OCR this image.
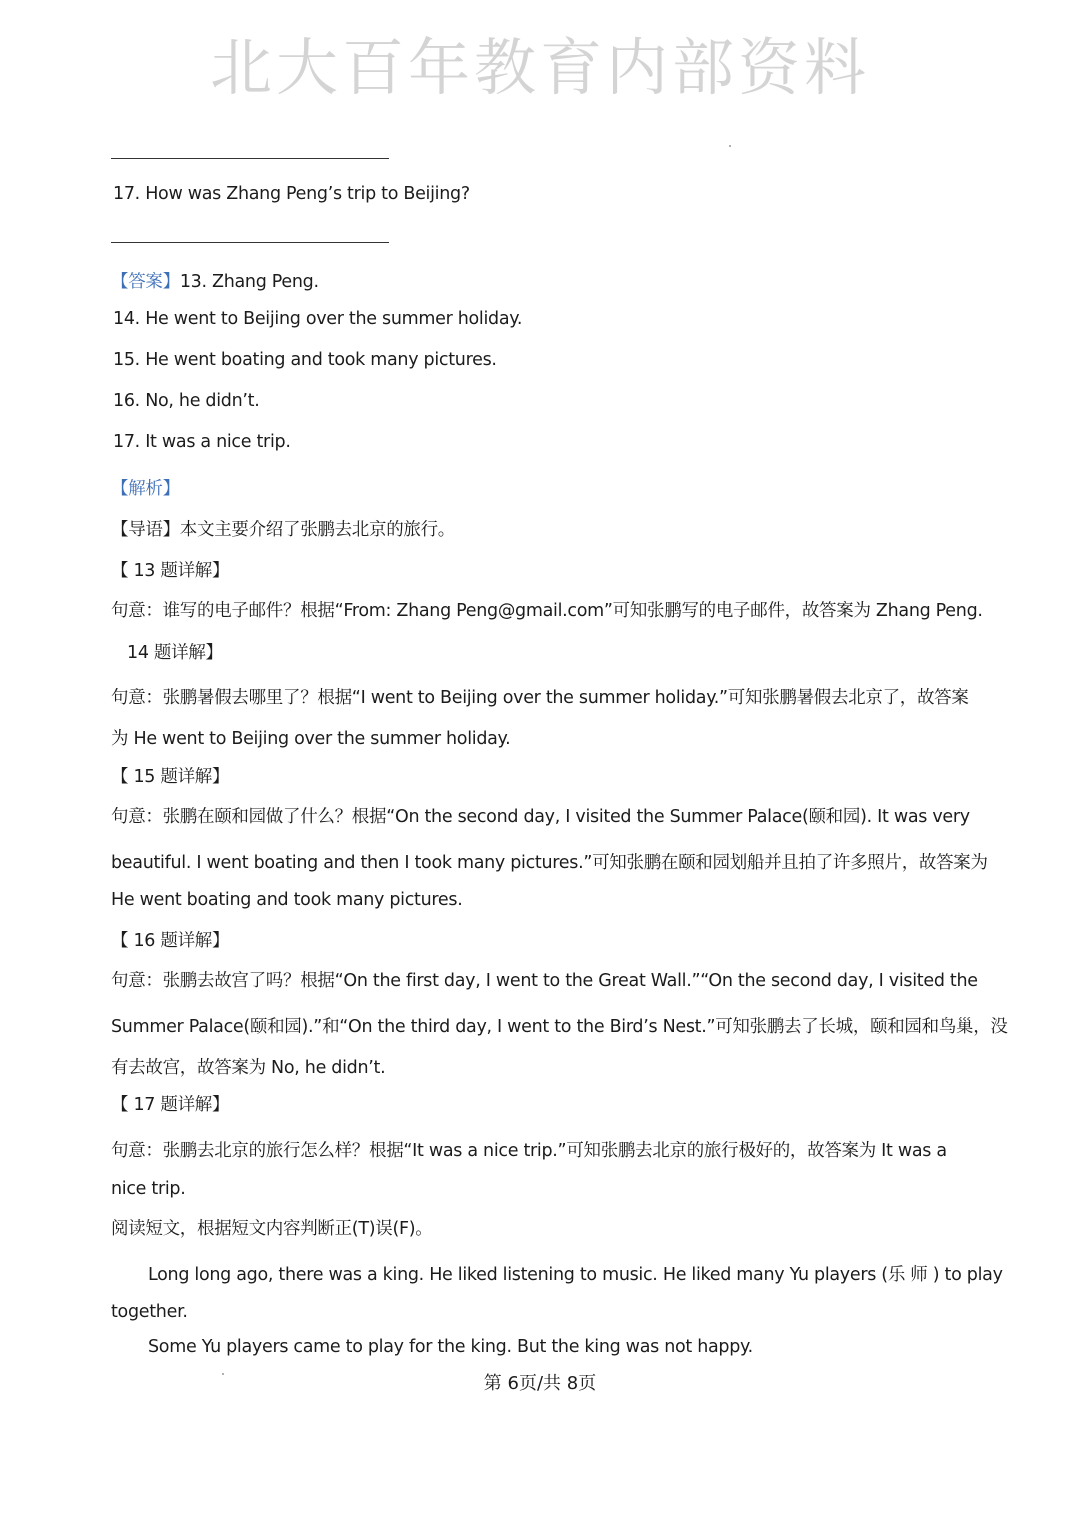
北大百年教育内部资料
17. How was Zhang Peng’s trip to Beijing?
【答案】13. Zhang Peng.
14. He went to Beijing over the summer holiday.
15. He went boating and took many pictures.
16. No, he didn’t.
17. It was a nice trip.
【解析】
【导语】本文主要介绍了张鹏去北京的旅行。
【 13 题详解】
句意：谁写的电子邮件？根据“From: Zhang Peng@gmail.com”可知张鹏写的电子邮件，故答案为 Zhang Peng.
14 题详解】
句意：张鹏暑假去哪里了？根据“I went to Beijing over the summer holiday.”可知张鹏暑假去北京了，故答案
为 He went to Beijing over the summer holiday.
【 15 题详解】
句意：张鹏在颐和园做了什么？根据“On the second day, I visited the Summer Palace(颐和园). It was very
beautiful. I went boating and then I took many pictures.”可知张鹏在颐和园划船并且拍了许多照片，故答案为
He went boating and took many pictures.
【 16 题详解】
句意：张鹏去故宫了吗？根据“On the first day, I went to the Great Wall.”“On the second day, I visited the
Summer Palace(颐和园).”和“On the third day, I went to the Bird’s Nest.”可知张鹏去了长城，颐和园和鸟巢，没
有去故宫，故答案为 No, he didn’t.
【 17 题详解】
句意：张鹏去北京的旅行怎么样？根据“It was a nice trip.”可知张鹏去北京的旅行极好的，故答案为 It was a
nice trip.
阅读短文，根据短文内容判断正(T)误(F)。
Long long ago, there was a king. He liked listening to music. He liked many Yu players (乐 师 ) to play
together.
Some Yu players came to play for the king. But the king was not happy.
第 6页/共 8页
